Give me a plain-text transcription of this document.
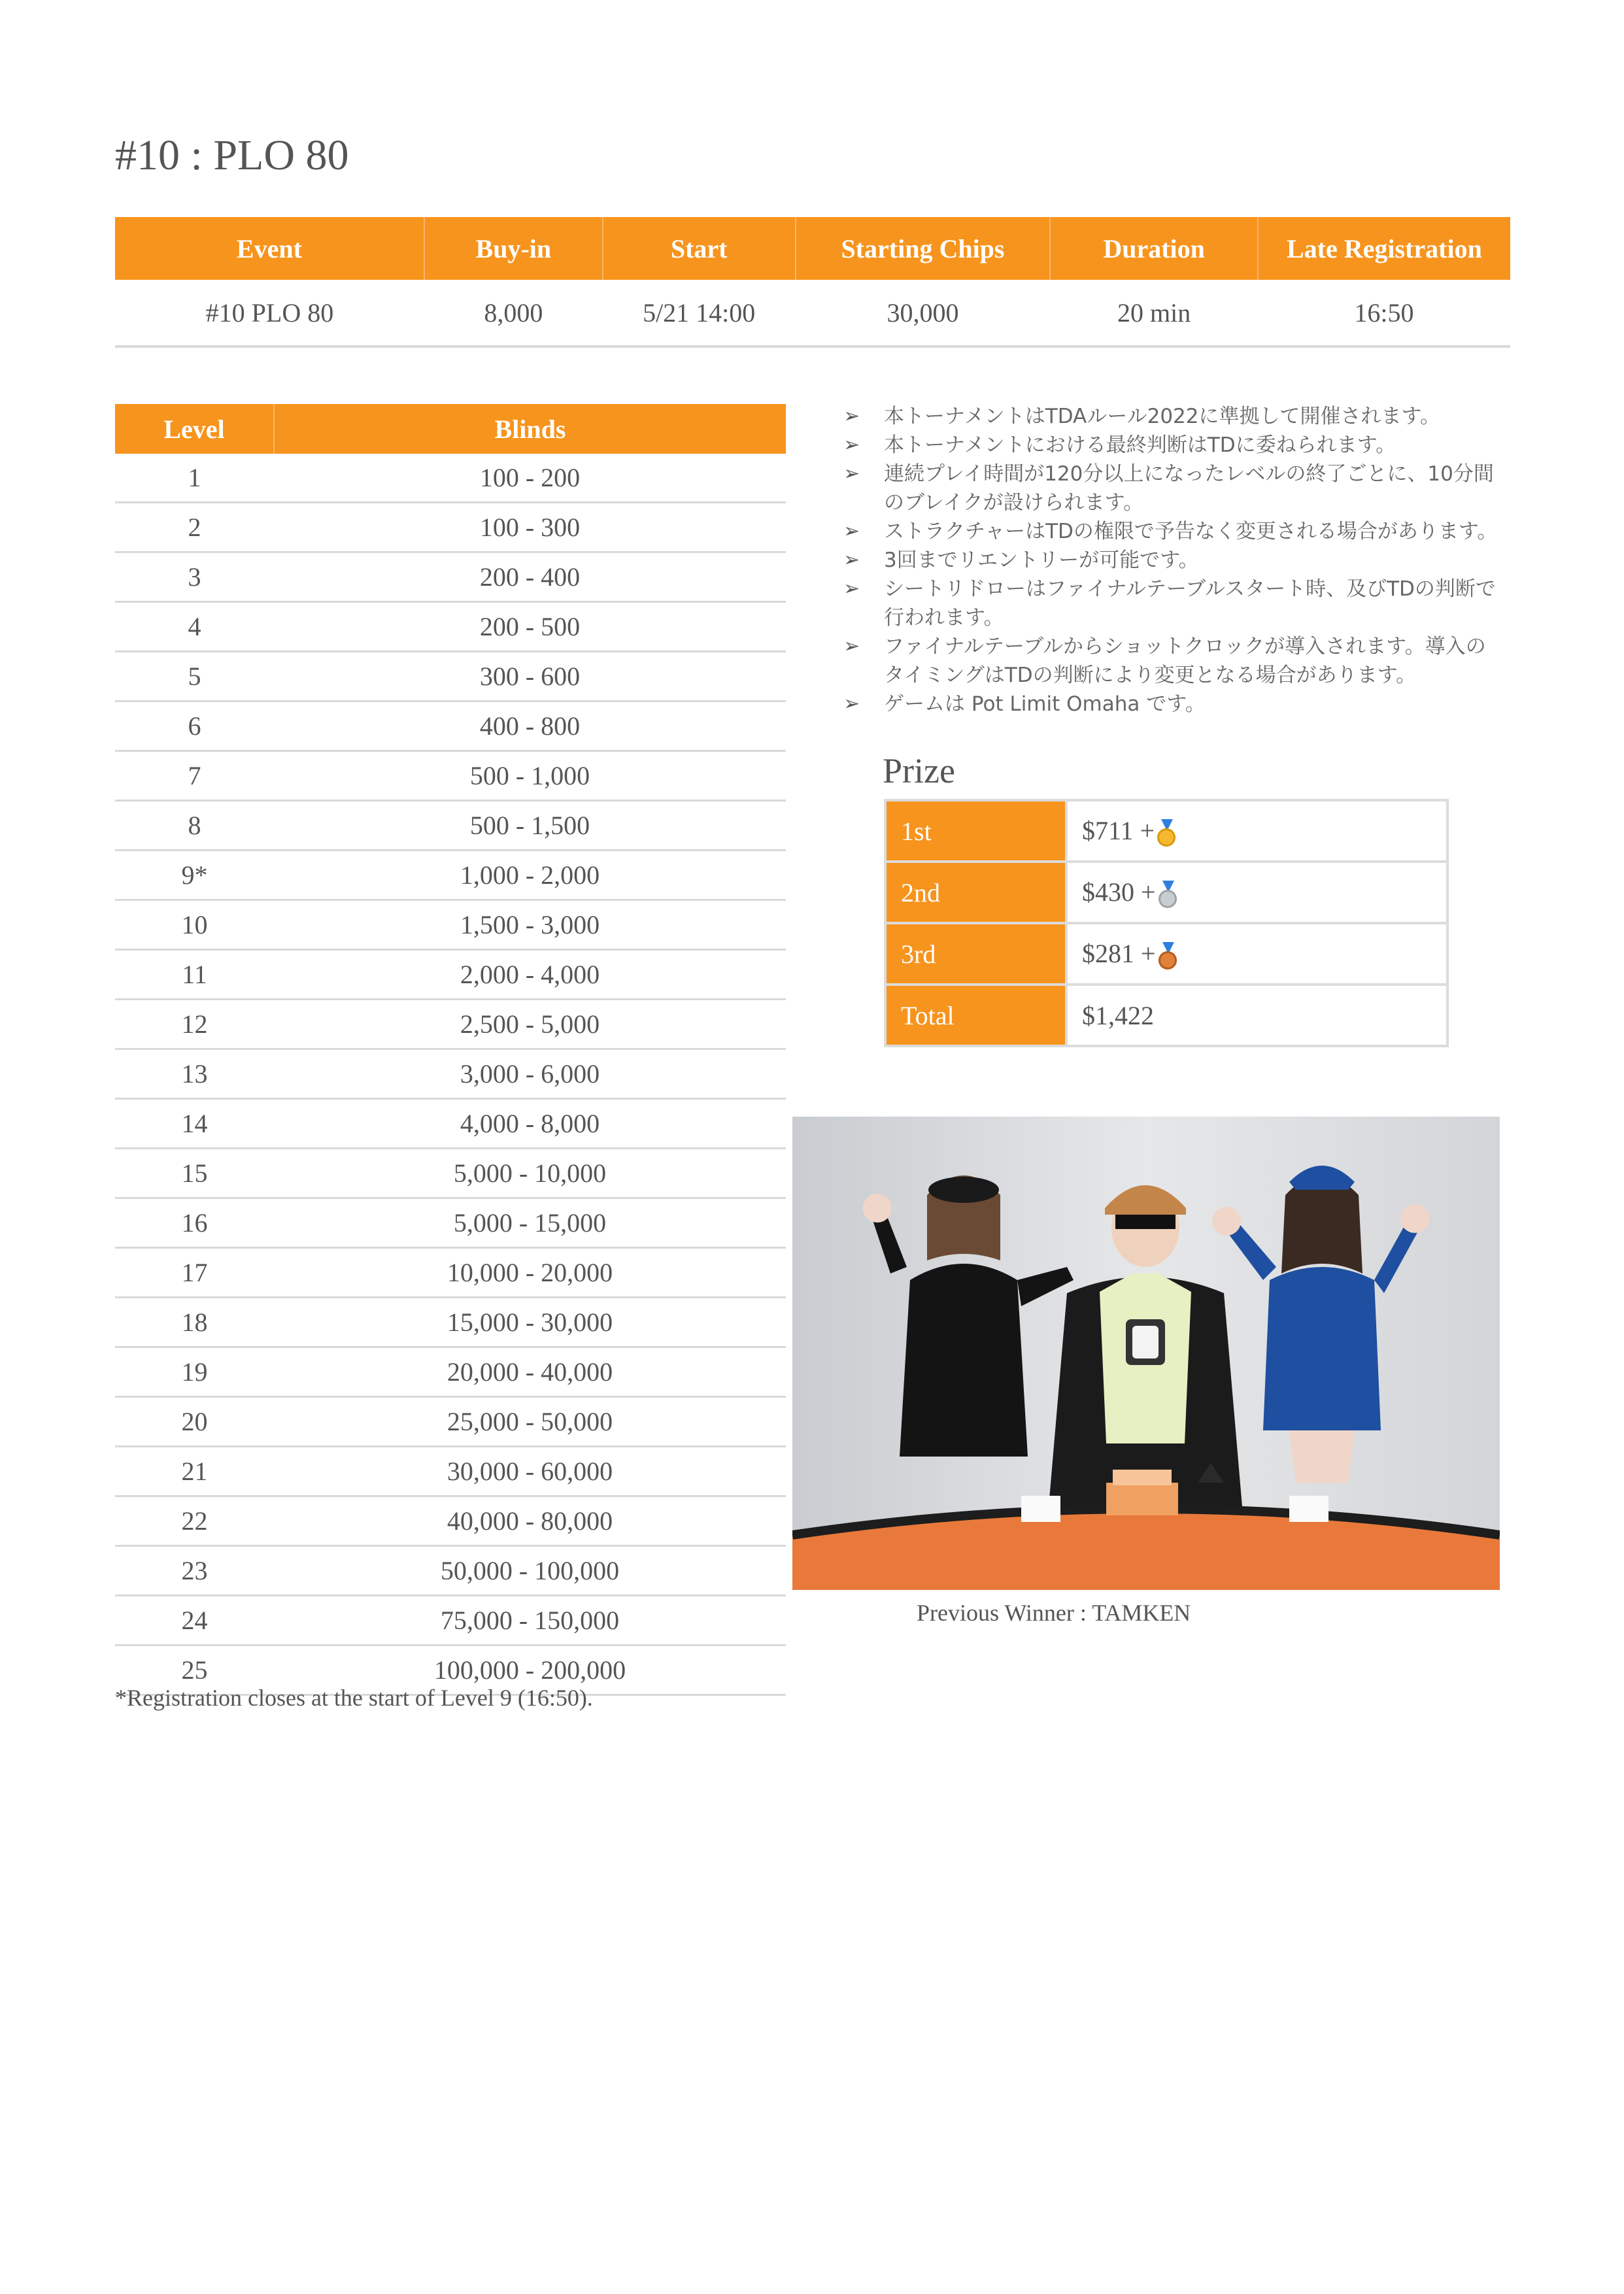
#10 : PLO 80
Event	Buy-in	Start	Starting Chips	Duration	Late Registration
#10 PLO 80	8,000	5/21 14:00	30,000	20 min	16:50
Level	Blinds
1	100 - 200
2	100 - 300
3	200 - 400
4	200 - 500
5	300 - 600
6	400 - 800
7	500 - 1,000
8	500 - 1,500
9*	1,000 - 2,000
10	1,500 - 3,000
11	2,000 - 4,000
12	2,500 - 5,000
13	3,000 - 6,000
14	4,000 - 8,000
15	5,000 - 10,000
16	5,000 - 15,000
17	10,000 - 20,000
18	15,000 - 30,000
19	20,000 - 40,000
20	25,000 - 50,000
21	30,000 - 60,000
22	40,000 - 80,000
23	50,000 - 100,000
24	75,000 - 150,000
25	100,000 - 200,000
*Registration closes at the start of Level 9 (16:50).
➢ 本トーナメントはTDAルール2022に準拠して開催されます。
➢ 本トーナメントにおける最終判断はTDに委ねられます。
➢ 連続プレイ時間が120分以上になったレベルの終了ごとに、10分間のブレイクが設けられます。
➢ ストラクチャーはTDの権限で予告なく変更される場合があります。
➢ 3回までリエントリーが可能です。
➢ シートリドローはファイナルテーブルスタート時、及びTDの判断で行われます。
➢ ファイナルテーブルからショットクロックが導入されます。導入のタイミングはTDの判断により変更となる場合があります。
➢ ゲームは Pot Limit Omaha です。
Prize
1st	$711 +

2nd	$430 +

3rd	$281 +

Total	$1,422
Previous Winner : TAMKEN
